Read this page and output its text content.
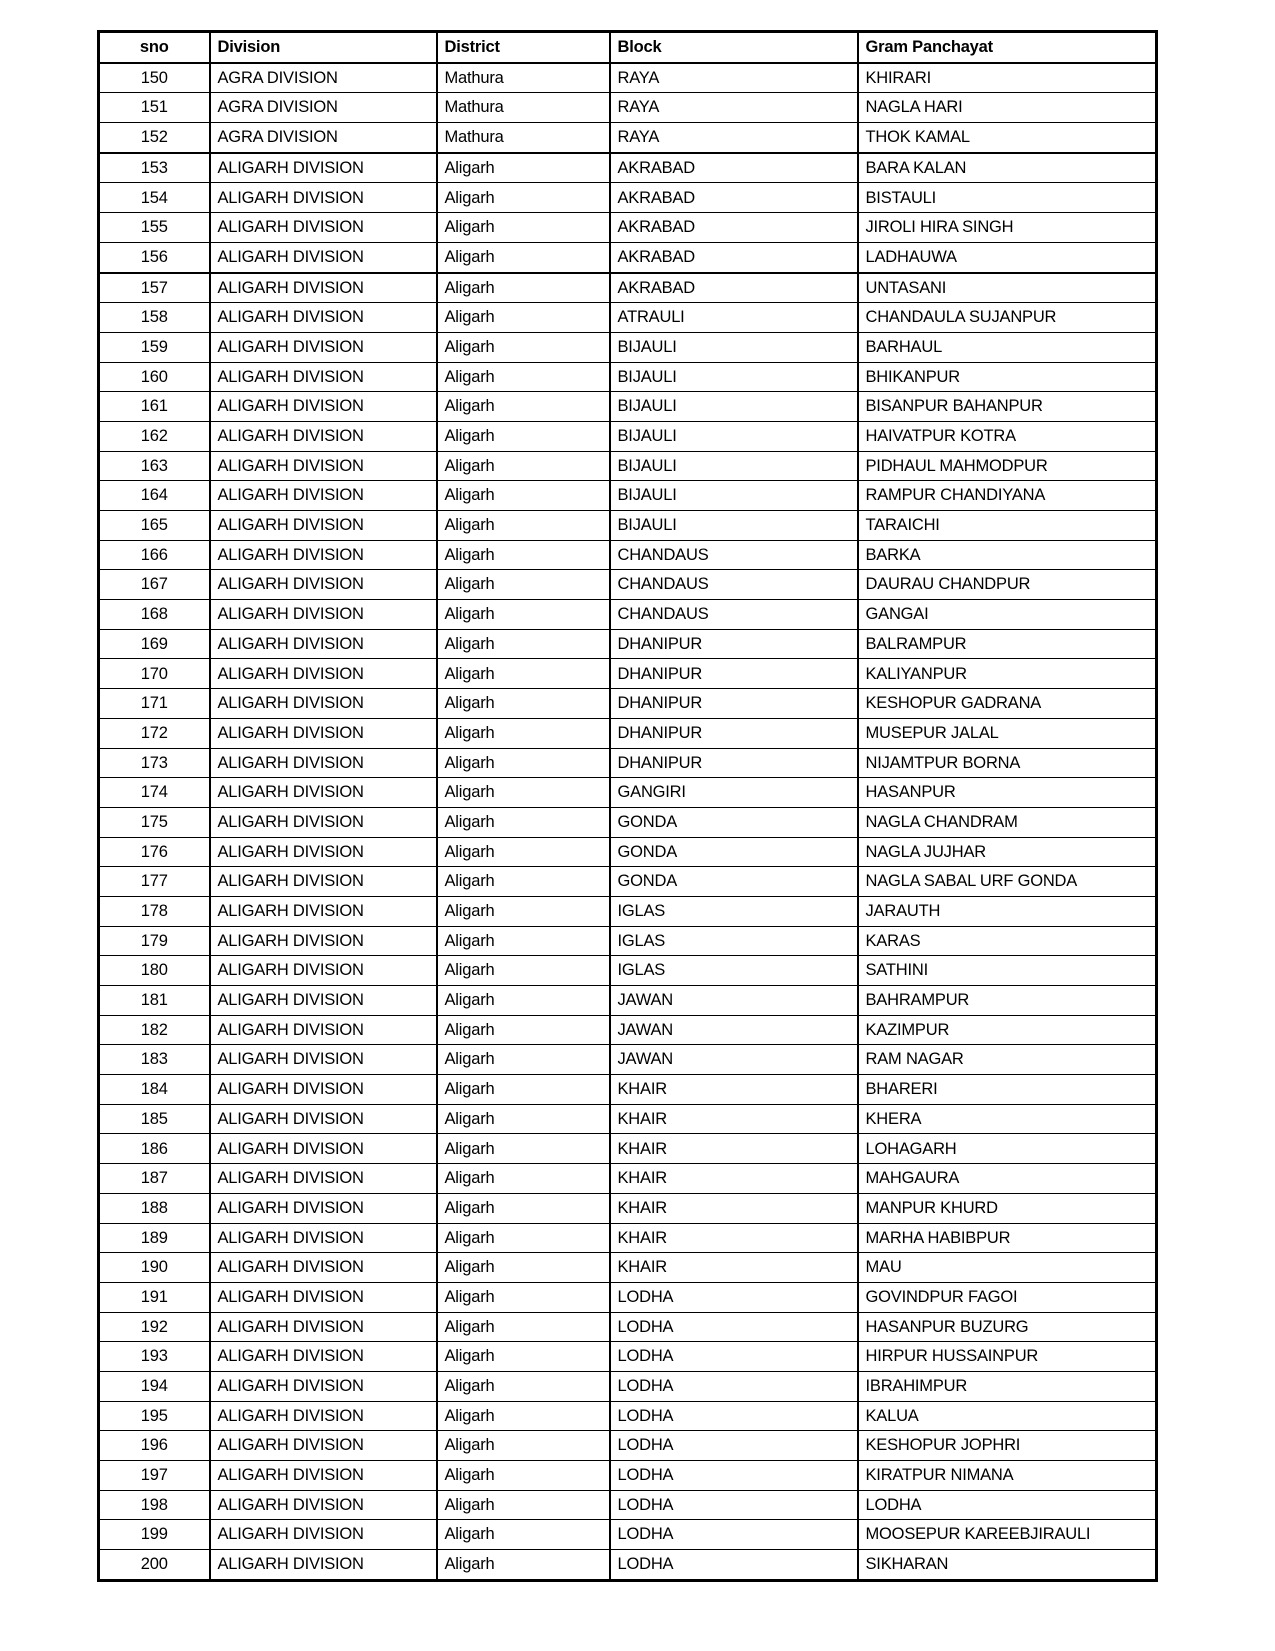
sno	Division	District	Block	Gram Panchayat
150	AGRA DIVISION	Mathura	RAYA	KHIRARI
151	AGRA DIVISION	Mathura	RAYA	NAGLA HARI
152	AGRA DIVISION	Mathura	RAYA	THOK KAMAL
153	ALIGARH DIVISION	Aligarh	AKRABAD	BARA KALAN
154	ALIGARH DIVISION	Aligarh	AKRABAD	BISTAULI
155	ALIGARH DIVISION	Aligarh	AKRABAD	JIROLI HIRA SINGH
156	ALIGARH DIVISION	Aligarh	AKRABAD	LADHAUWA
157	ALIGARH DIVISION	Aligarh	AKRABAD	UNTASANI
158	ALIGARH DIVISION	Aligarh	ATRAULI	CHANDAULA SUJANPUR
159	ALIGARH DIVISION	Aligarh	BIJAULI	BARHAUL
160	ALIGARH DIVISION	Aligarh	BIJAULI	BHIKANPUR
161	ALIGARH DIVISION	Aligarh	BIJAULI	BISANPUR BAHANPUR
162	ALIGARH DIVISION	Aligarh	BIJAULI	HAIVATPUR KOTRA
163	ALIGARH DIVISION	Aligarh	BIJAULI	PIDHAUL MAHMODPUR
164	ALIGARH DIVISION	Aligarh	BIJAULI	RAMPUR CHANDIYANA
165	ALIGARH DIVISION	Aligarh	BIJAULI	TARAICHI
166	ALIGARH DIVISION	Aligarh	CHANDAUS	BARKA
167	ALIGARH DIVISION	Aligarh	CHANDAUS	DAURAU CHANDPUR
168	ALIGARH DIVISION	Aligarh	CHANDAUS	GANGAI
169	ALIGARH DIVISION	Aligarh	DHANIPUR	BALRAMPUR
170	ALIGARH DIVISION	Aligarh	DHANIPUR	KALIYANPUR
171	ALIGARH DIVISION	Aligarh	DHANIPUR	KESHOPUR GADRANA
172	ALIGARH DIVISION	Aligarh	DHANIPUR	MUSEPUR JALAL
173	ALIGARH DIVISION	Aligarh	DHANIPUR	NIJAMTPUR BORNA
174	ALIGARH DIVISION	Aligarh	GANGIRI	HASANPUR
175	ALIGARH DIVISION	Aligarh	GONDA	NAGLA CHANDRAM
176	ALIGARH DIVISION	Aligarh	GONDA	NAGLA JUJHAR
177	ALIGARH DIVISION	Aligarh	GONDA	NAGLA SABAL URF GONDA
178	ALIGARH DIVISION	Aligarh	IGLAS	JARAUTH
179	ALIGARH DIVISION	Aligarh	IGLAS	KARAS
180	ALIGARH DIVISION	Aligarh	IGLAS	SATHINI
181	ALIGARH DIVISION	Aligarh	JAWAN	BAHRAMPUR
182	ALIGARH DIVISION	Aligarh	JAWAN	KAZIMPUR
183	ALIGARH DIVISION	Aligarh	JAWAN	RAM NAGAR
184	ALIGARH DIVISION	Aligarh	KHAIR	BHARERI
185	ALIGARH DIVISION	Aligarh	KHAIR	KHERA
186	ALIGARH DIVISION	Aligarh	KHAIR	LOHAGARH
187	ALIGARH DIVISION	Aligarh	KHAIR	MAHGAURA
188	ALIGARH DIVISION	Aligarh	KHAIR	MANPUR KHURD
189	ALIGARH DIVISION	Aligarh	KHAIR	MARHA HABIBPUR
190	ALIGARH DIVISION	Aligarh	KHAIR	MAU
191	ALIGARH DIVISION	Aligarh	LODHA	GOVINDPUR FAGOI
192	ALIGARH DIVISION	Aligarh	LODHA	HASANPUR BUZURG
193	ALIGARH DIVISION	Aligarh	LODHA	HIRPUR HUSSAINPUR
194	ALIGARH DIVISION	Aligarh	LODHA	IBRAHIMPUR
195	ALIGARH DIVISION	Aligarh	LODHA	KALUA
196	ALIGARH DIVISION	Aligarh	LODHA	KESHOPUR JOPHRI
197	ALIGARH DIVISION	Aligarh	LODHA	KIRATPUR NIMANA
198	ALIGARH DIVISION	Aligarh	LODHA	LODHA
199	ALIGARH DIVISION	Aligarh	LODHA	MOOSEPUR KAREEBJIRAULI
200	ALIGARH DIVISION	Aligarh	LODHA	SIKHARAN
